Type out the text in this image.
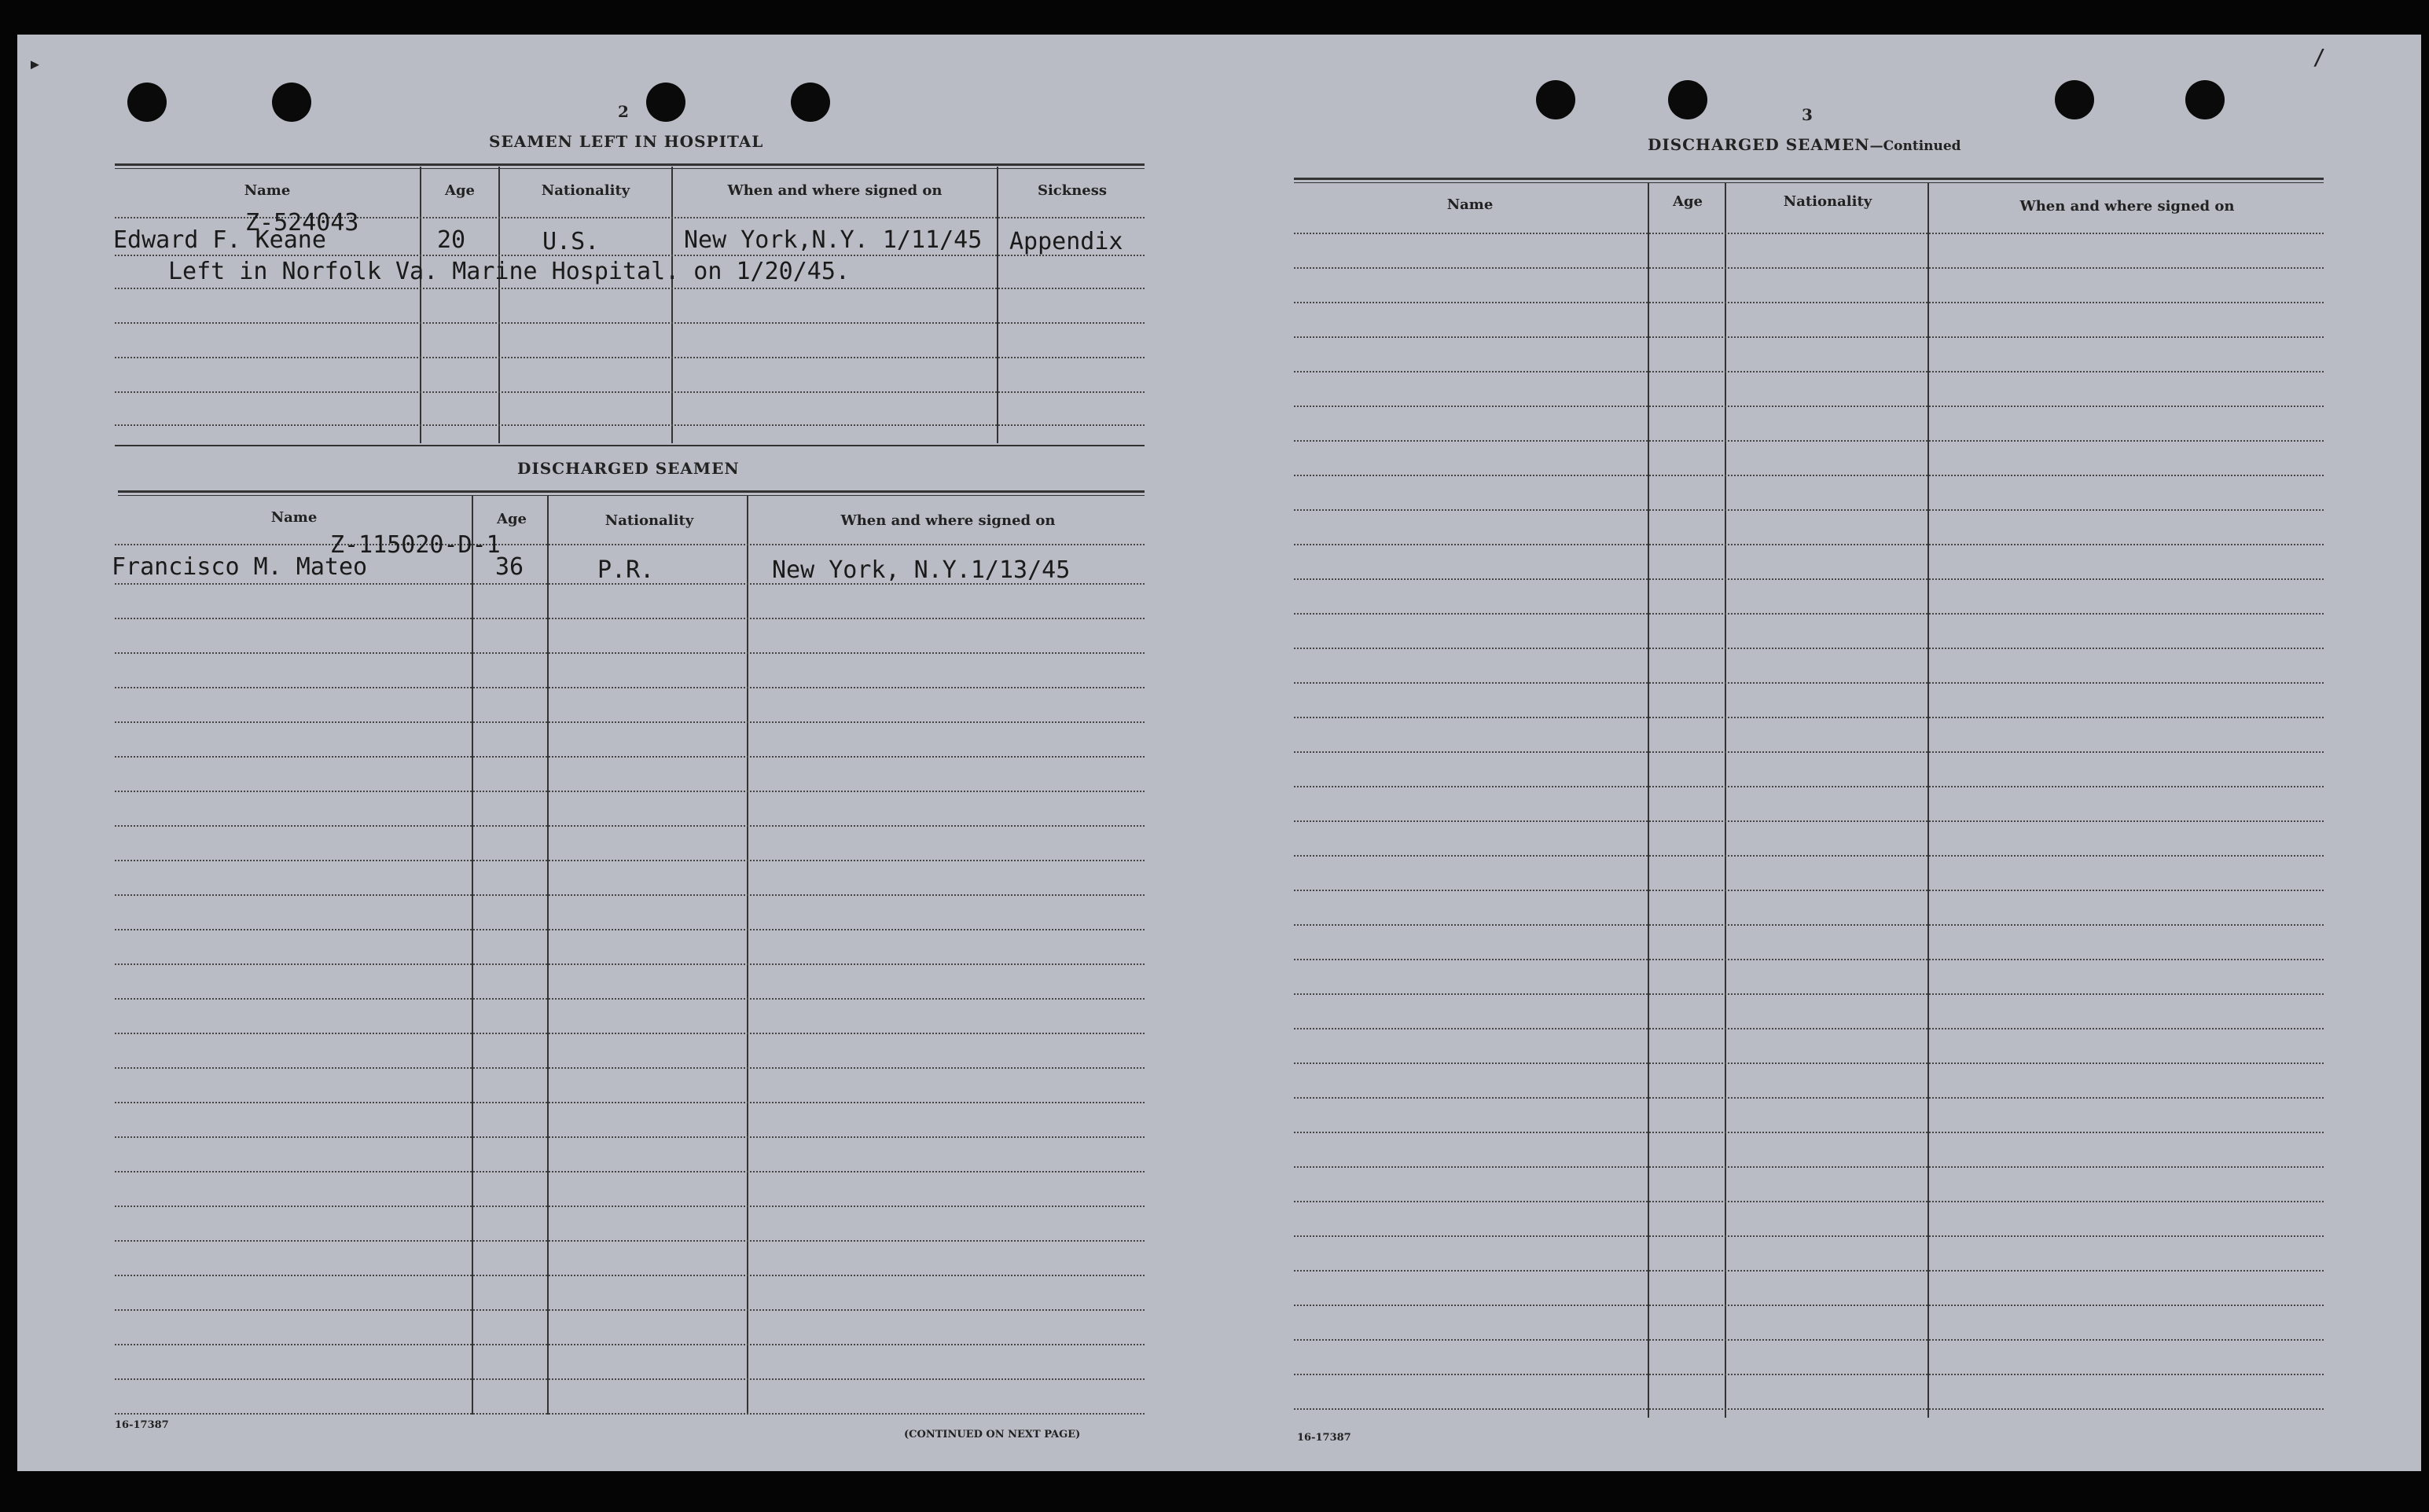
2
SEAMEN LEFT IN HOSPITAL
Name	Age	Nationality	When and where signed on	Sickness
Z-524043
Edward F. Keane	20	U.S.	New York,N.Y. 1/11/45 Appendix
Left in Norfolk Va. Marine Hospital. on 1/20/45.
DISCHARGED SEAMEN
Name	Age	Nationality	When and where signed on
Z-115020-D-1
Francisco M. Mateo	36	P.R.	New York, N.Y.1/13/45
16-17387
(CONTINUED ON NEXT PAGE)
3
DISCHARGED SEAMEN—Continued
Name	Age	Nationality	When and where signed on
16-17387
▸	/
